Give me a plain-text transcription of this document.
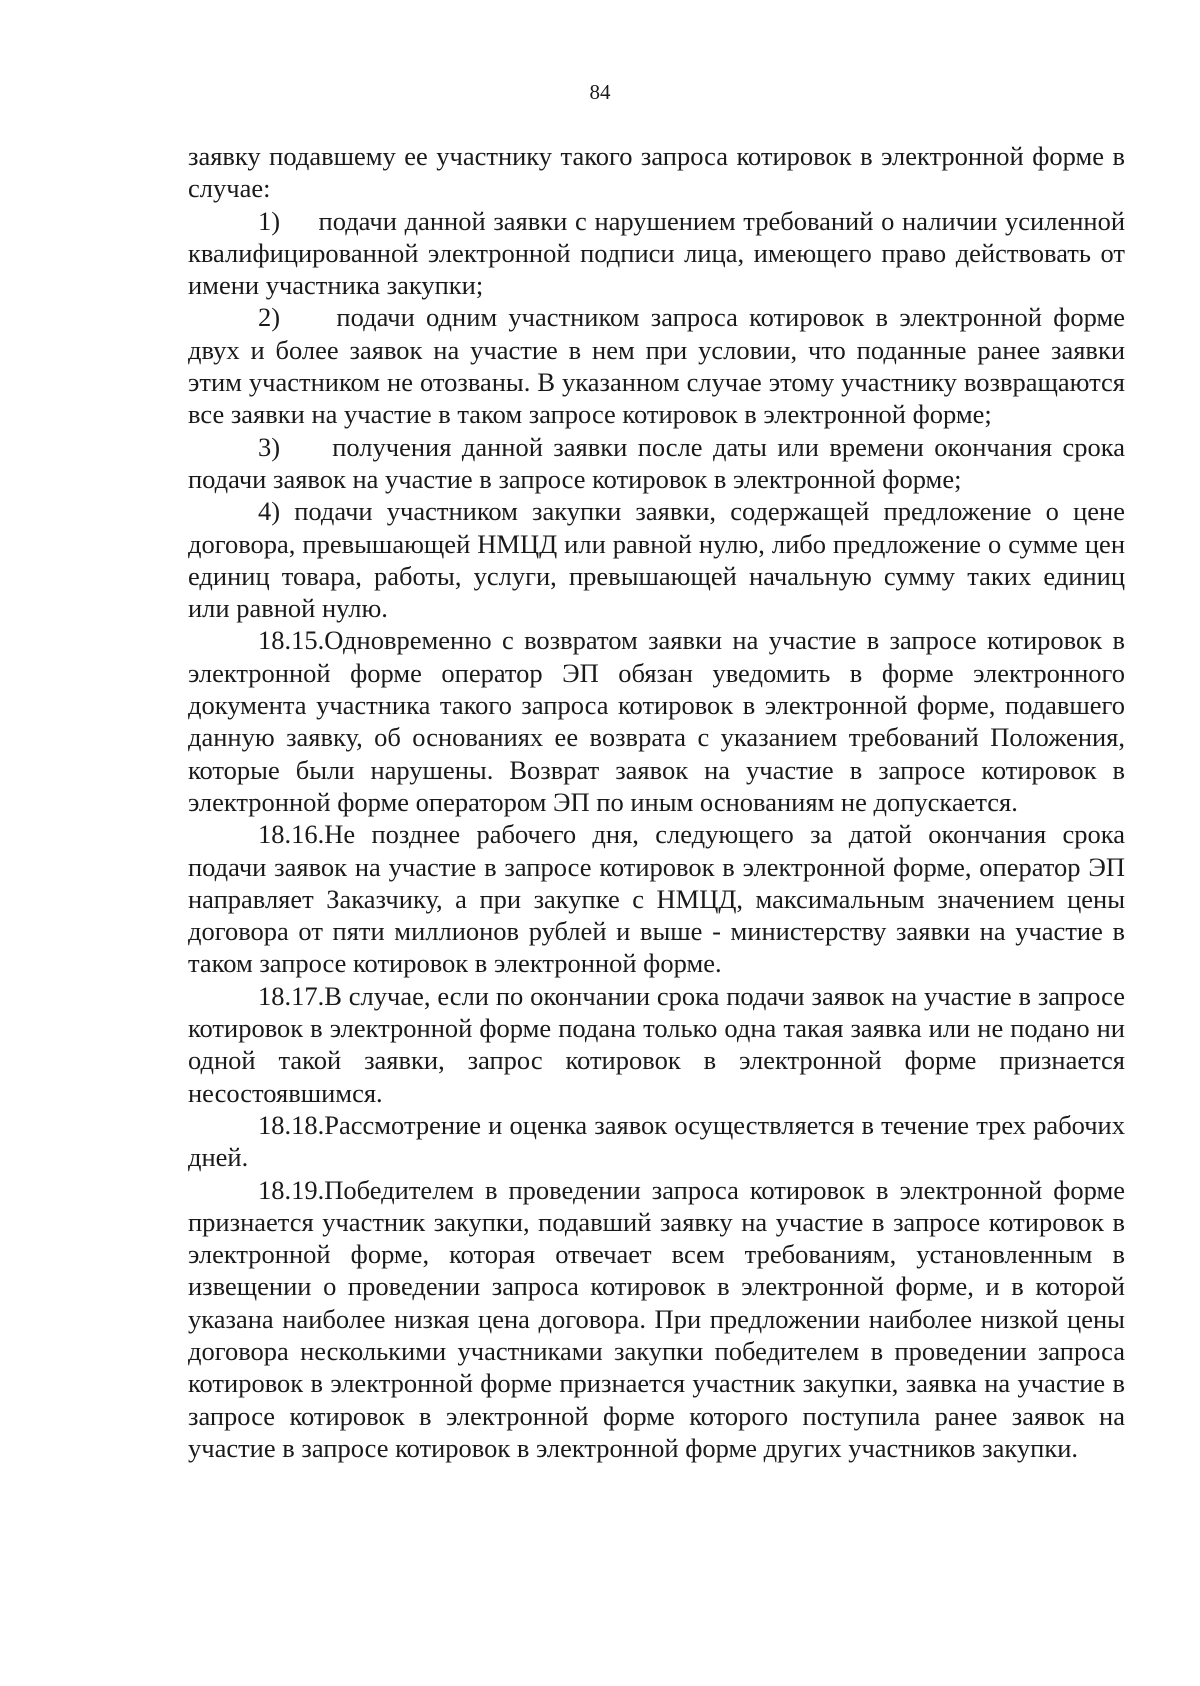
84

заявку подавшему ее участнику такого запроса котировок в электронной форме в случае:

1)     подачи данной заявки с нарушением требований о наличии усиленной квалифицированной электронной подписи лица, имеющего право действовать от имени участника закупки;

2)     подачи одним участником запроса котировок в электронной форме двух и более заявок на участие в нем при условии, что поданные ранее заявки этим участником не отозваны. В указанном случае этому участнику возвращаются все заявки на участие в таком запросе котировок в электронной форме;

3)     получения данной заявки после даты или времени окончания срока подачи заявок на участие в запросе котировок в электронной форме;

4) подачи участником закупки заявки, содержащей предложение о цене договора, превышающей НМЦД или равной нулю, либо предложение о сумме цен единиц товара, работы, услуги, превышающей начальную сумму таких единиц или равной нулю.

18.15.Одновременно с возвратом заявки на участие в запросе котировок в электронной форме оператор ЭП обязан уведомить в форме электронного документа участника такого запроса котировок в электронной форме, подавшего данную заявку, об основаниях ее возврата с указанием требований Положения, которые были нарушены. Возврат заявок на участие в запросе котировок в электронной форме оператором ЭП по иным основаниям не допускается.

18.16.Не позднее рабочего дня, следующего за датой окончания срока подачи заявок на участие в запросе котировок в электронной форме, оператор ЭП направляет Заказчику, а при закупке с НМЦД, максимальным значением цены договора от пяти миллионов рублей и выше - министерству заявки на участие в таком запросе котировок в электронной форме.

18.17.В случае, если по окончании срока подачи заявок на участие в запросе котировок в электронной форме подана только одна такая заявка или не подано ни одной такой заявки, запрос котировок в электронной форме признается несостоявшимся.

18.18.Рассмотрение и оценка заявок осуществляется в течение трех рабочих дней.

18.19.Победителем в проведении запроса котировок в электронной форме признается участник закупки, подавший заявку на участие в запросе котировок в электронной форме, которая отвечает всем требованиям, установленным в извещении о проведении запроса котировок в электронной форме, и в которой указана наиболее низкая цена договора. При предложении наиболее низкой цены договора несколькими участниками закупки победителем в проведении запроса котировок в электронной форме признается участник закупки, заявка на участие в запросе котировок в электронной форме которого поступила ранее заявок на участие в запросе котировок в электронной форме других участников закупки.
